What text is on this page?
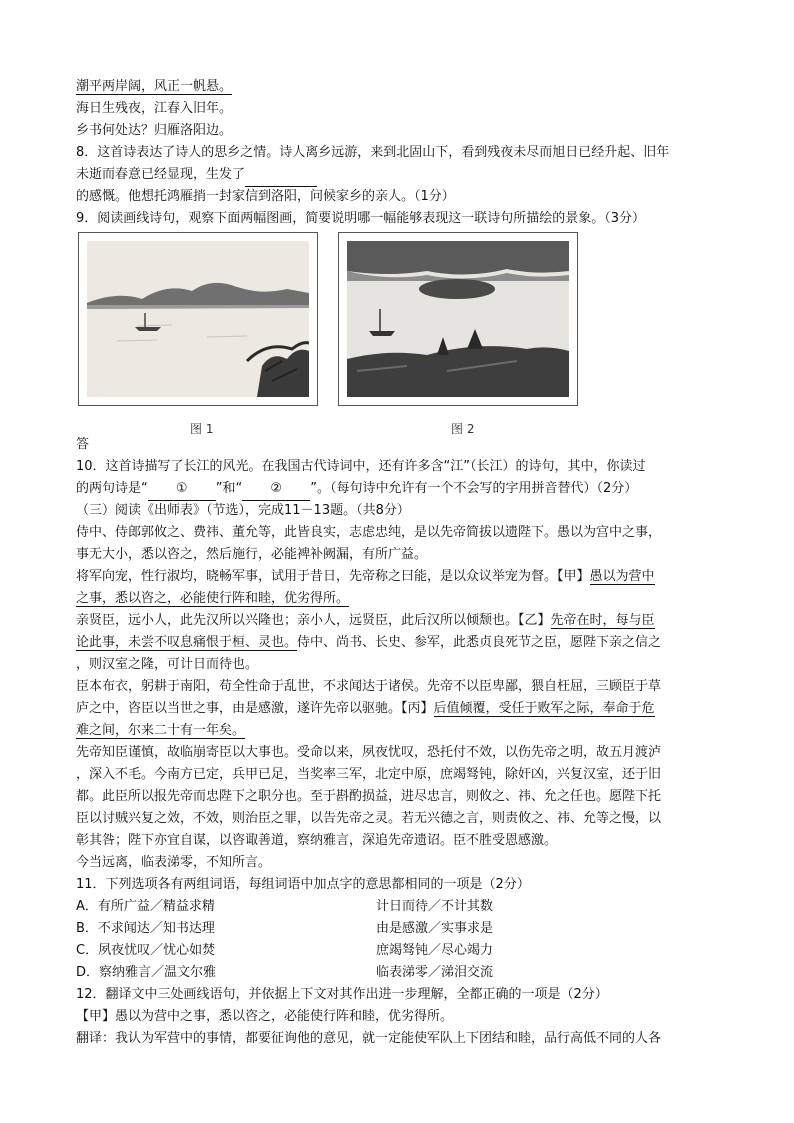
潮平两岸阔，风正一帆悬。
海日生残夜，江春入旧年。
乡书何处达？归雁洛阳边。
8．这首诗表达了诗人的思乡之情。诗人离乡远游，来到北固山下，看到残夜未尽而旭日已经升起、旧年
未逝而春意已经显现，生发了
的感慨。他想托鸿雁捎一封家信到洛阳，问候家乡的亲人。（1分）
9．阅读画线诗句，观察下面两幅图画，简要说明哪一幅能够表现这一联诗句所描绘的景象。（3分）
图 1	图 2
答
10．这首诗描写了长江的风光。在我国古代诗词中，还有许多含“江”（长江）的诗句，其中，你读过
的两句诗是“ ① ”和“ ② ”。（每句诗中允许有一个不会写的字用拼音替代）（2分）
（三）阅读《出师表》（节选），完成11－13题。（共8分）
侍中、侍郎郭攸之、费祎、董允等，此皆良实，志虑忠纯，是以先帝简拔以遗陛下。愚以为宫中之事，
事无大小，悉以咨之，然后施行，必能裨补阙漏，有所广益。
将军向宠，性行淑均，晓畅军事，试用于昔日，先帝称之曰能，是以众议举宠为督。【甲】愚以为营中
之事，悉以咨之，必能使行阵和睦，优劣得所。
亲贤臣，远小人，此先汉所以兴隆也；亲小人，远贤臣，此后汉所以倾颓也。【乙】先帝在时，每与臣
论此事，未尝不叹息痛恨于桓、灵也。侍中、尚书、长史、参军，此悉贞良死节之臣，愿陛下亲之信之
，则汉室之隆，可计日而待也。
臣本布衣，躬耕于南阳，苟全性命于乱世，不求闻达于诸侯。先帝不以臣卑鄙，猥自枉屈，三顾臣于草
庐之中，咨臣以当世之事，由是感激，遂许先帝以驱驰。【丙】后值倾覆，受任于败军之际，奉命于危
难之间，尔来二十有一年矣。
先帝知臣谨慎，故临崩寄臣以大事也。受命以来，夙夜忧叹，恐托付不效，以伤先帝之明，故五月渡泸
，深入不毛。今南方已定，兵甲已足，当奖率三军，北定中原，庶竭驽钝，除奸凶，兴复汉室，还于旧
都。此臣所以报先帝而忠陛下之职分也。至于斟酌损益，进尽忠言，则攸之、祎、允之任也。愿陛下托
臣以讨贼兴复之效，不效，则治臣之罪，以告先帝之灵。若无兴德之言，则责攸之、祎、允等之慢，以
彰其咎；陛下亦宜自谋，以咨诹善道，察纳雅言，深追先帝遗诏。臣不胜受恩感激。
今当远离，临表涕零，不知所言。
11．下列选项各有两组词语，每组词语中加点字的意思都相同的一项是（2分）
A．有所广益／精益求精	计日而待／不计其数
B．不求闻达／知书达理	由是感激／实事求是
C．夙夜忧叹／忧心如焚	庶竭驽钝／尽心竭力
D．察纳雅言／温文尔雅	临表涕零／涕泪交流
12．翻译文中三处画线语句，并依据上下文对其作出进一步理解，全都正确的一项是（2分）
【甲】愚以为营中之事，悉以咨之，必能使行阵和睦，优劣得所。
翻译：我认为军营中的事情，都要征询他的意见，就一定能使军队上下团结和睦，品行高低不同的人各
